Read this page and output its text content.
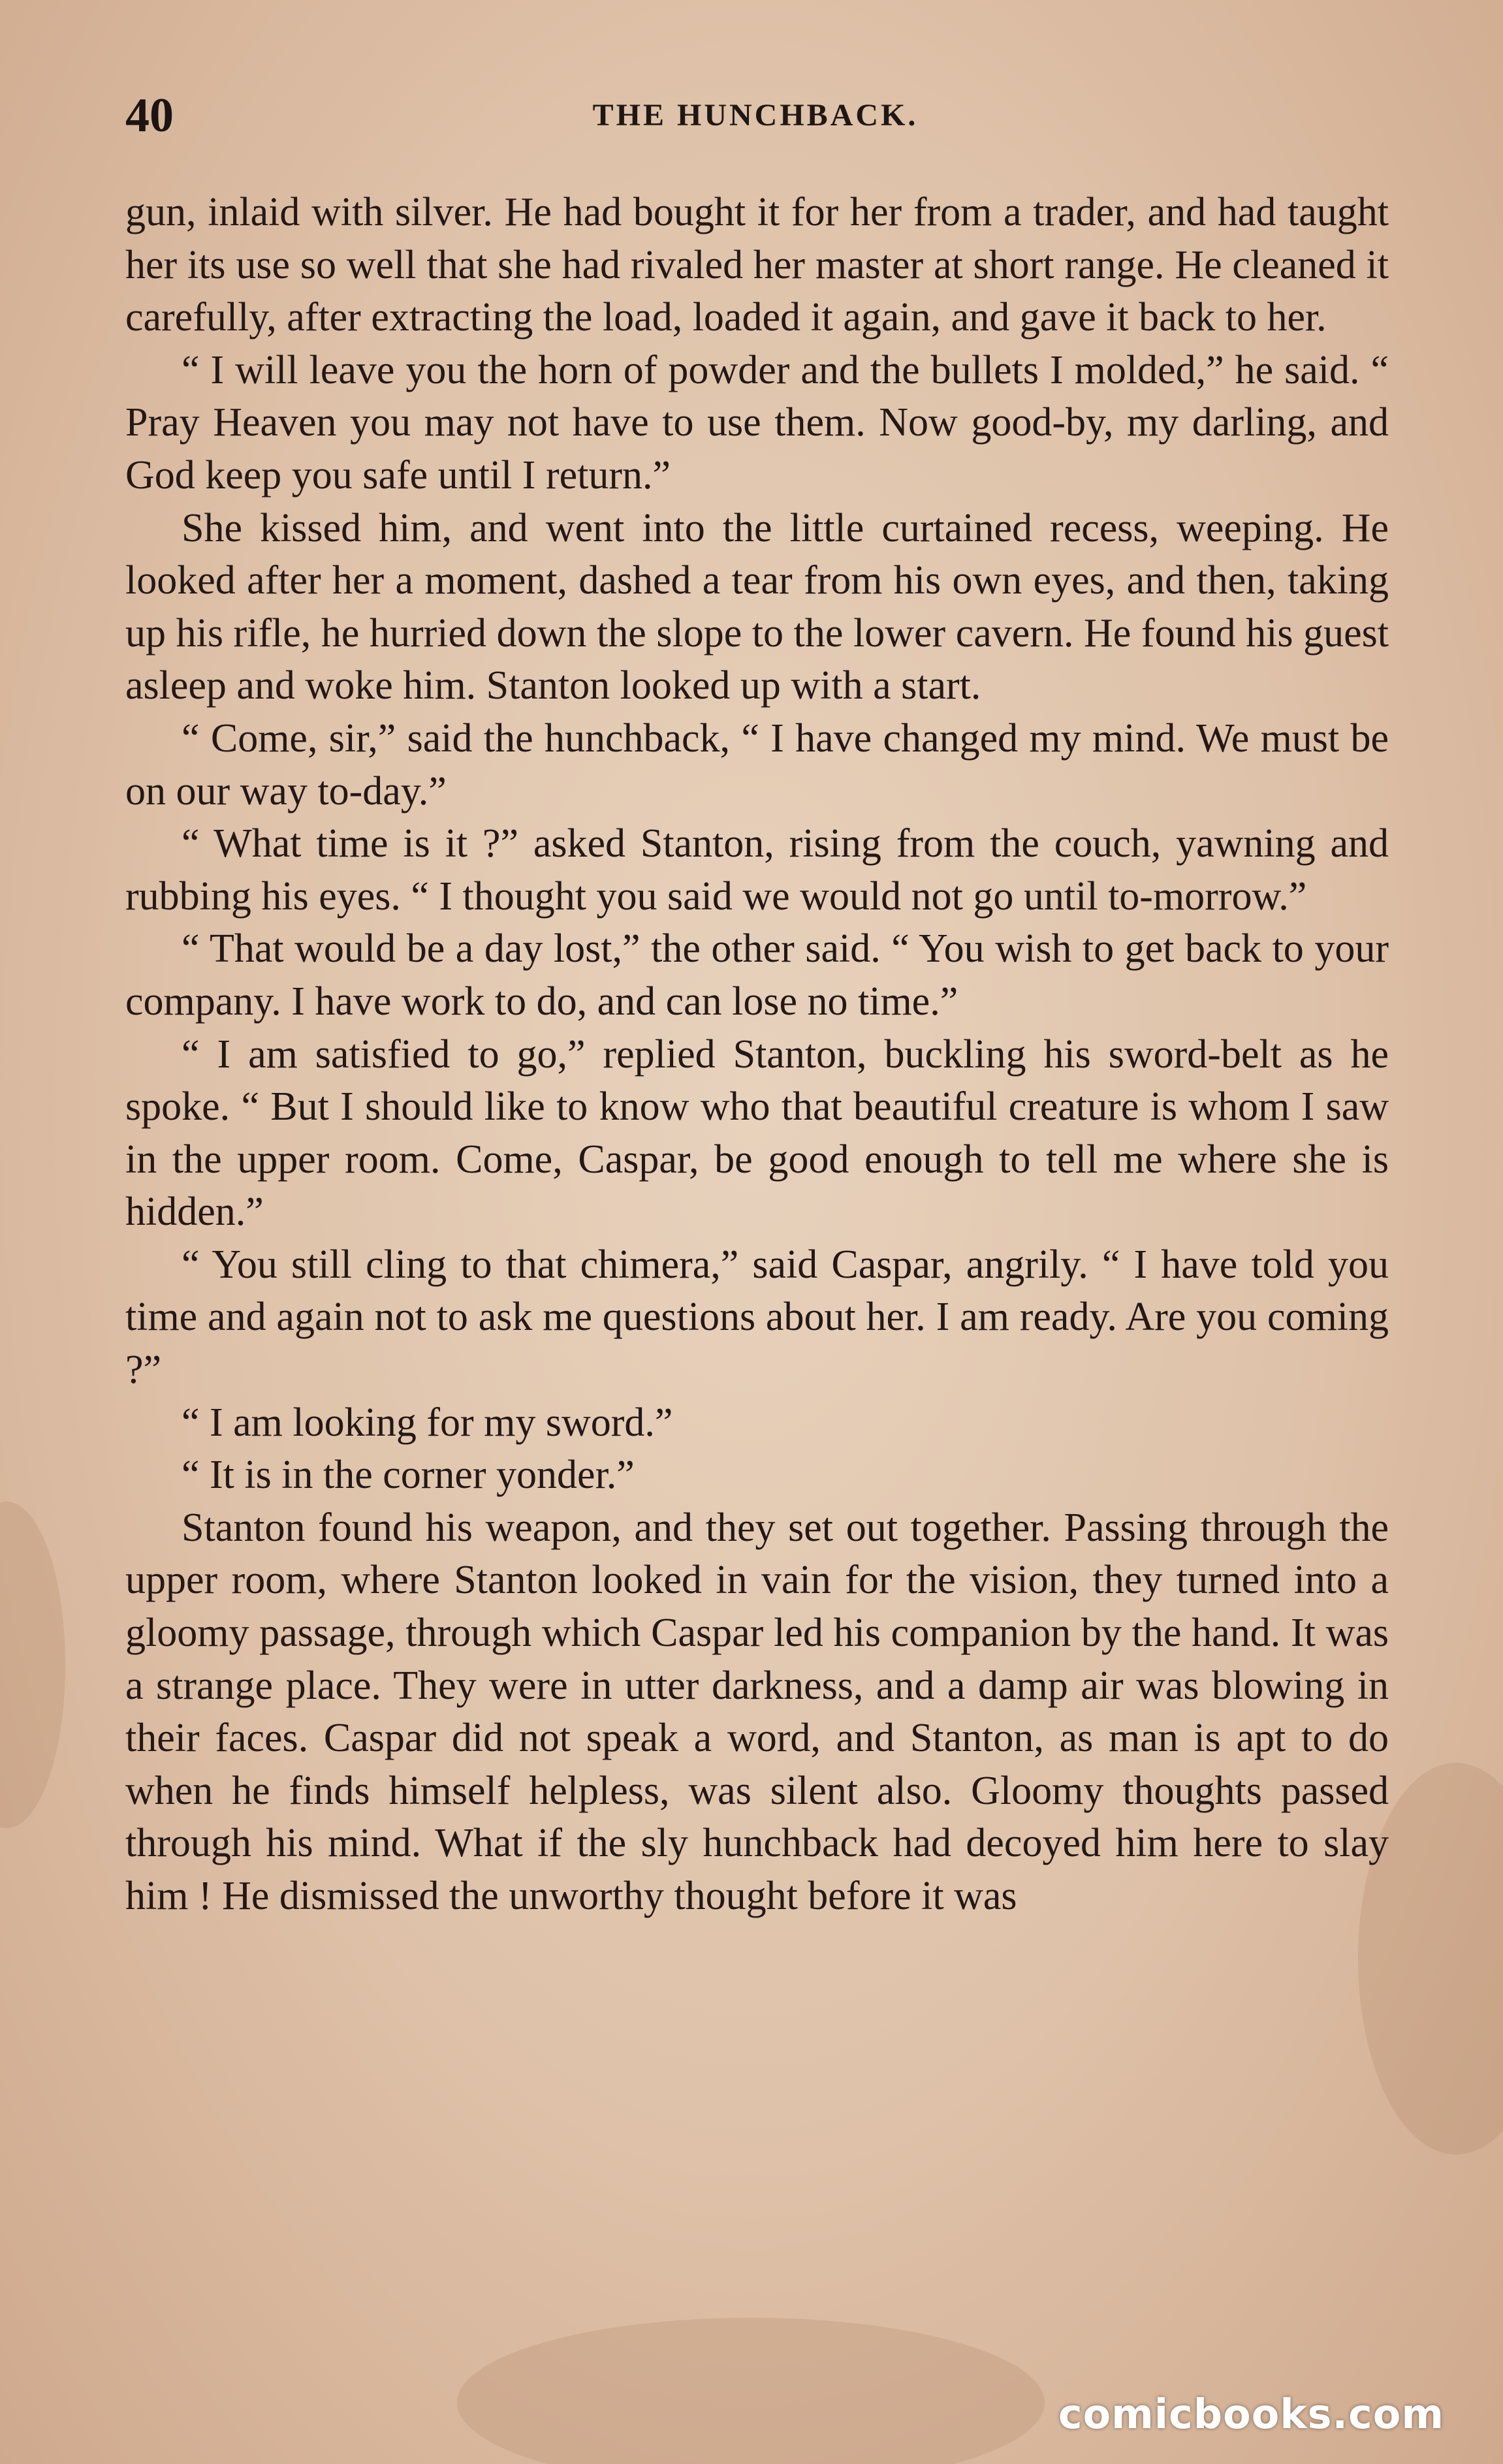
40	THE HUNCHBACK.

gun, inlaid with silver. He had bought it for her from a trader, and had taught her its use so well that she had rivaled her master at short range. He cleaned it carefully, after extracting the load, loaded it again, and gave it back to her.

“ I will leave you the horn of powder and the bullets I molded,” he said. “ Pray Heaven you may not have to use them. Now good-by, my darling, and God keep you safe until I return.”

She kissed him, and went into the little curtained recess, weeping. He looked after her a moment, dashed a tear from his own eyes, and then, taking up his rifle, he hurried down the slope to the lower cavern. He found his guest asleep and woke him. Stanton looked up with a start.

“ Come, sir,” said the hunchback, “ I have changed my mind. We must be on our way to-day.”

“ What time is it ?” asked Stanton, rising from the couch, yawning and rubbing his eyes. “ I thought you said we would not go until to-morrow.”

“ That would be a day lost,” the other said. “ You wish to get back to your company. I have work to do, and can lose no time.”

“ I am satisfied to go,” replied Stanton, buckling his sword-belt as he spoke. “ But I should like to know who that beautiful creature is whom I saw in the upper room. Come, Caspar, be good enough to tell me where she is hidden.”

“ You still cling to that chimera,” said Caspar, angrily. “ I have told you time and again not to ask me questions about her. I am ready. Are you coming ?”

“ I am looking for my sword.”

“ It is in the corner yonder.”

Stanton found his weapon, and they set out together. Passing through the upper room, where Stanton looked in vain for the vision, they turned into a gloomy passage, through which Caspar led his companion by the hand. It was a strange place. They were in utter darkness, and a damp air was blowing in their faces. Caspar did not speak a word, and Stanton, as man is apt to do when he finds himself helpless, was silent also. Gloomy thoughts passed through his mind. What if the sly hunchback had decoyed him here to slay him ! He dismissed the unworthy thought before it was

comicbooks.com
